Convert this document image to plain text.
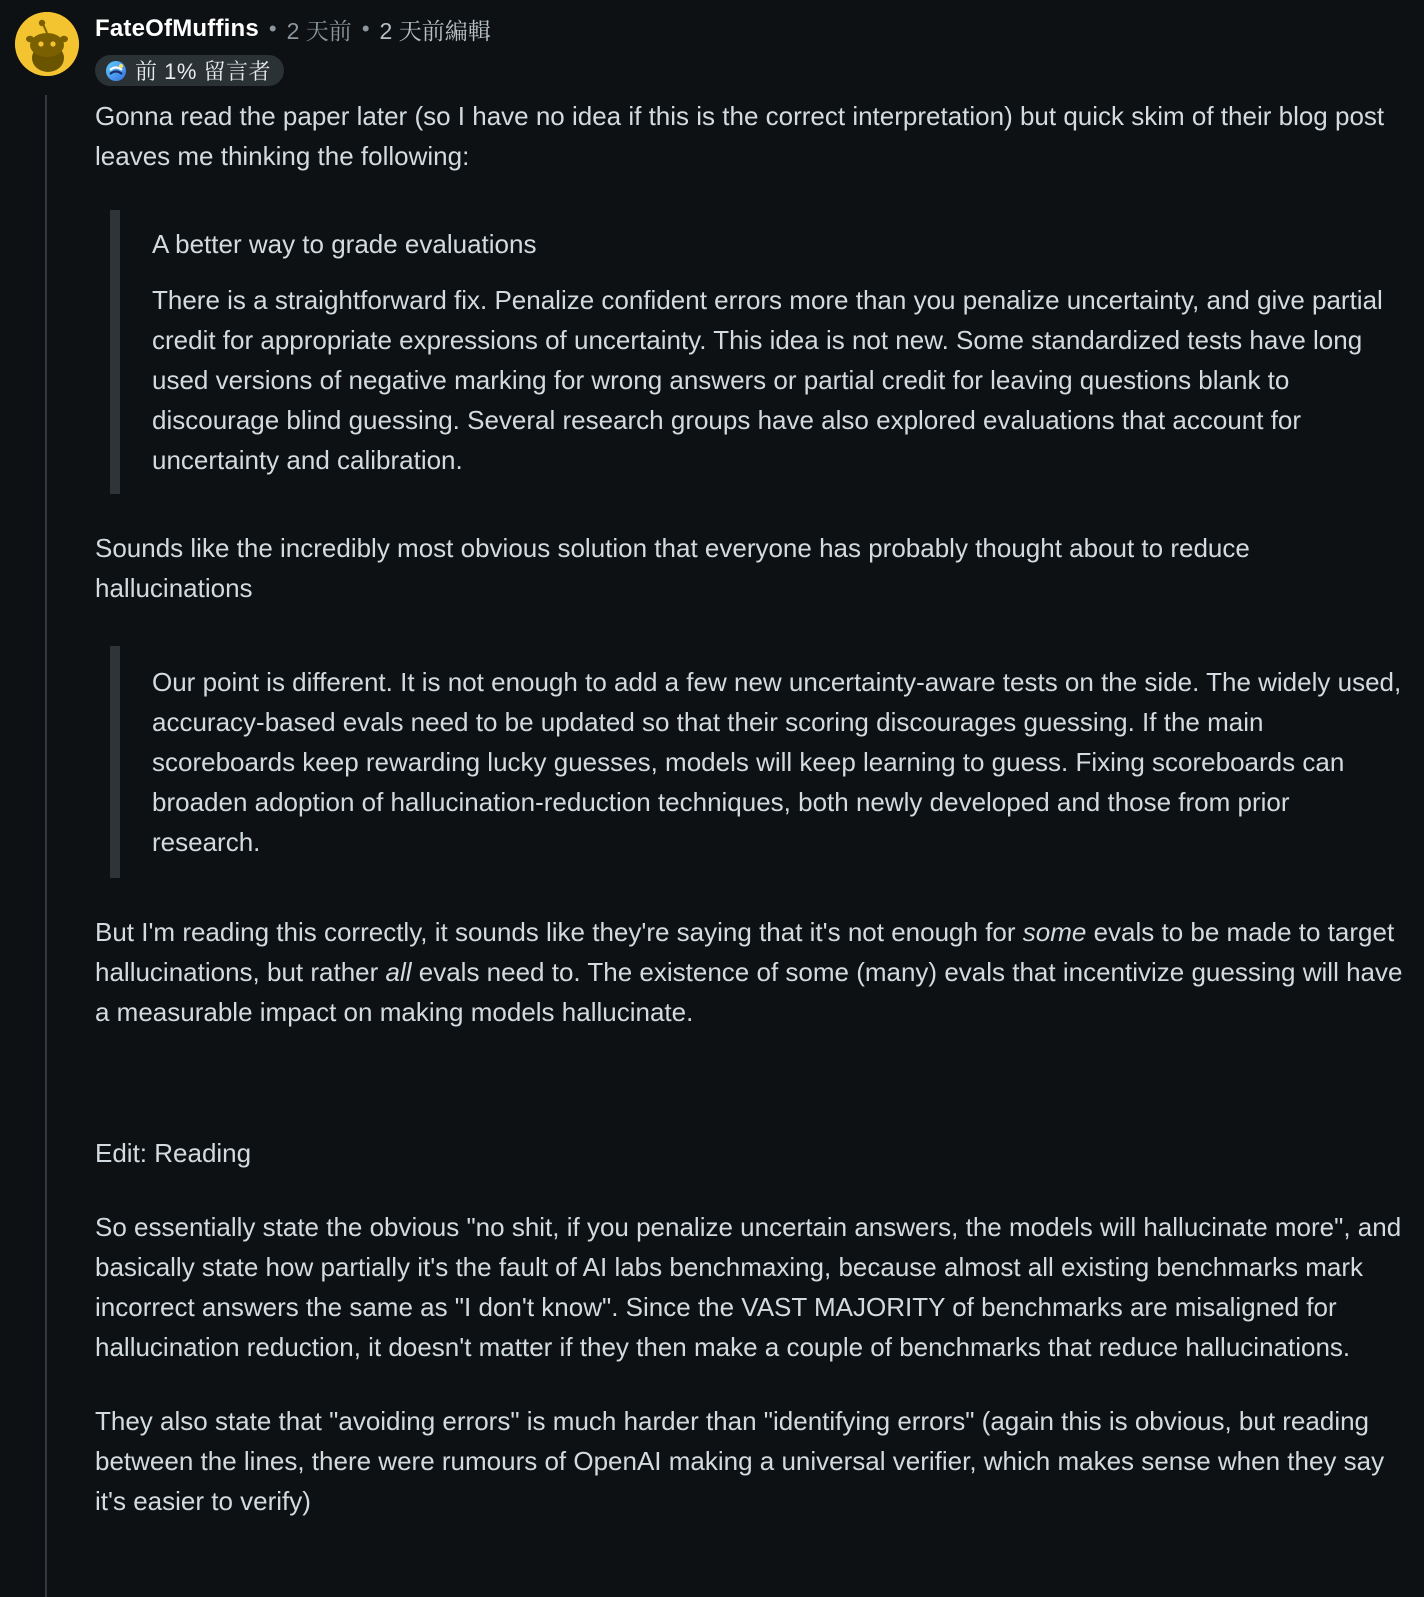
FateOfMuffins • 2 天前 • 2 天前編輯
前 1% 留言者

Gonna read the paper later (so I have no idea if this is the correct interpretation) but quick skim of their blog post leaves me thinking the following:

A better way to grade evaluations

There is a straightforward fix. Penalize confident errors more than you penalize uncertainty, and give partial credit for appropriate expressions of uncertainty. This idea is not new. Some standardized tests have long used versions of negative marking for wrong answers or partial credit for leaving questions blank to discourage blind guessing. Several research groups have also explored evaluations that account for uncertainty and calibration.

Sounds like the incredibly most obvious solution that everyone has probably thought about to reduce hallucinations

Our point is different. It is not enough to add a few new uncertainty-aware tests on the side. The widely used, accuracy-based evals need to be updated so that their scoring discourages guessing. If the main scoreboards keep rewarding lucky guesses, models will keep learning to guess. Fixing scoreboards can broaden adoption of hallucination-reduction techniques, both newly developed and those from prior research.

But I'm reading this correctly, it sounds like they're saying that it's not enough for some evals to be made to target hallucinations, but rather all evals need to. The existence of some (many) evals that incentivize guessing will have a measurable impact on making models hallucinate.

Edit: Reading

So essentially state the obvious "no shit, if you penalize uncertain answers, the models will hallucinate more", and basically state how partially it's the fault of AI labs benchmaxing, because almost all existing benchmarks mark incorrect answers the same as "I don't know". Since the VAST MAJORITY of benchmarks are misaligned for hallucination reduction, it doesn't matter if they then make a couple of benchmarks that reduce hallucinations.

They also state that "avoiding errors" is much harder than "identifying errors" (again this is obvious, but reading between the lines, there were rumours of OpenAI making a universal verifier, which makes sense when they say it's easier to verify)
